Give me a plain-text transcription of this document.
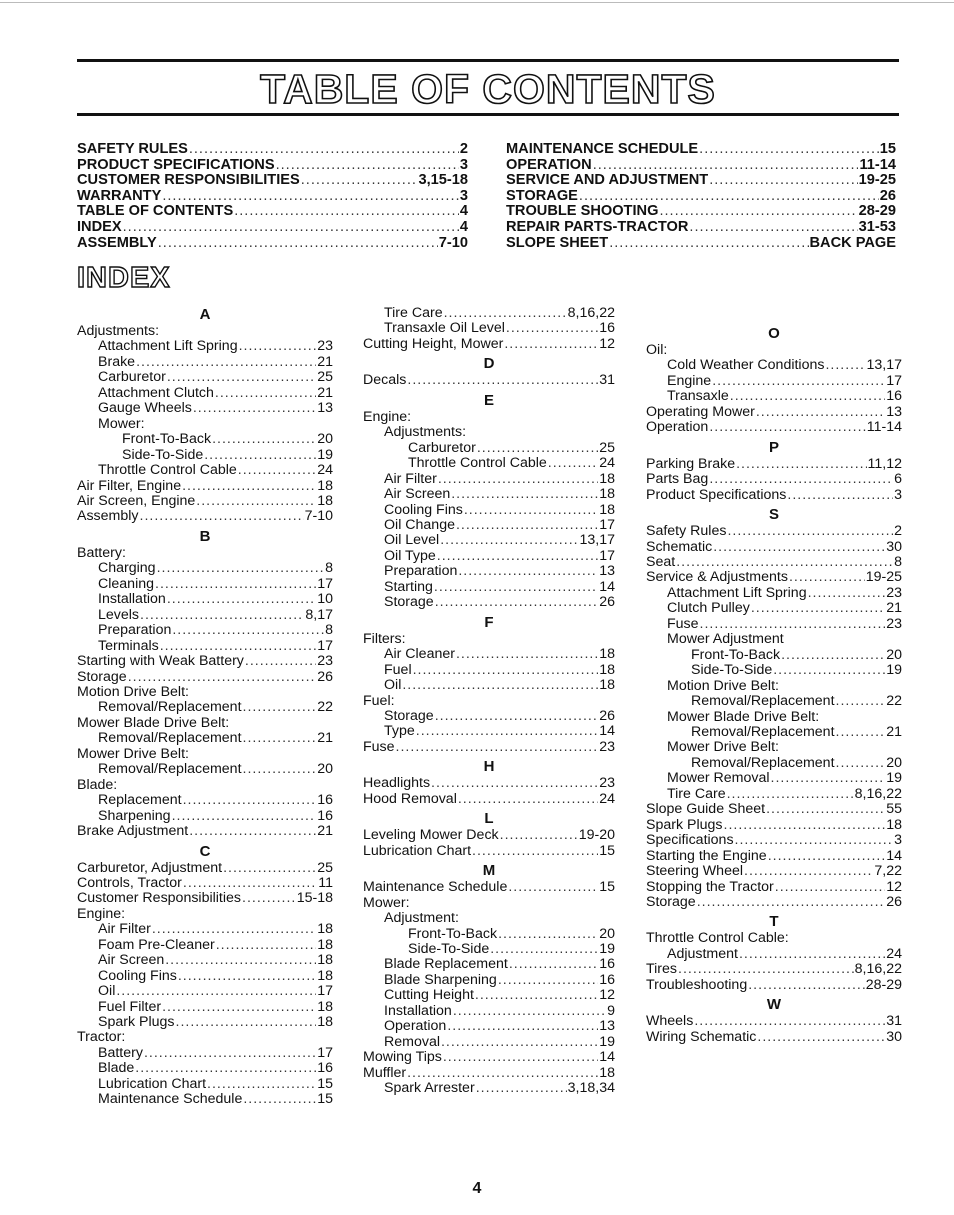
TABLE OF CONTENTS
SAFETY RULES .....	2
PRODUCT SPECIFICATIONS .....	3
CUSTOMER RESPONSIBILITIES .....	3,15-18
WARRANTY .....	3
TABLE OF CONTENTS .....	4
INDEX .....	4
ASSEMBLY .....	7-10
MAINTENANCE SCHEDULE .....	15
OPERATION .....	11-14
SERVICE AND ADJUSTMENT .....	19-25
STORAGE .....	26
TROUBLE SHOOTING .....	28-29
REPAIR PARTS-TRACTOR .....	31-53
SLOPE SHEET .....	BACK PAGE
INDEX
A
Adjustments:
Attachment Lift Spring .....	23
Brake .....	21
Carburetor .....	25
Attachment Clutch .....	21
Gauge Wheels .....	13
Mower:
Front-To-Back .....	20
Side-To-Side .....	19
Throttle Control Cable .....	24
Air Filter, Engine .....	18
Air Screen, Engine .....	18
Assembly .....	7-10
B
Battery:
Charging .....	8
Cleaning .....	17
Installation .....	10
Levels .....	8,17
Preparation .....	8
Terminals .....	17
Starting with Weak Battery .....	23
Storage .....	26
Motion Drive Belt:
Removal/Replacement .....	22
Mower Blade Drive Belt:
Removal/Replacement .....	21
Mower Drive Belt:
Removal/Replacement .....	20
Blade:
Replacement .....	16
Sharpening .....	16
Brake Adjustment .....	21
C
Carburetor, Adjustment .....	25
Controls, Tractor .....	11
Customer Responsibilities .....	15-18
Engine:
Air Filter .....	18
Foam Pre-Cleaner .....	18
Air Screen .....	18
Cooling Fins .....	18
Oil .....	17
Fuel Filter .....	18
Spark Plugs .....	18
Tractor:
Battery .....	17
Blade .....	16
Lubrication Chart .....	15
Maintenance Schedule .....	15
Tire Care .....	8,16,22
Transaxle Oil Level .....	16
Cutting Height, Mower .....	12
D
Decals .....	31
E
Engine:
Adjustments:
Carburetor .....	25
Throttle Control Cable .....	24
Air Filter .....	18
Air Screen .....	18
Cooling Fins .....	18
Oil Change .....	17
Oil Level .....	13,17
Oil Type .....	17
Preparation .....	13
Starting .....	14
Storage .....	26
F
Filters:
Air Cleaner .....	18
Fuel .....	18
Oil .....	18
Fuel:
Storage .....	26
Type .....	14
Fuse .....	23
H
Headlights .....	23
Hood Removal .....	24
L
Leveling Mower Deck .....	19-20
Lubrication Chart .....	15
M
Maintenance Schedule .....	15
Mower:
Adjustment:
Front-To-Back .....	20
Side-To-Side .....	19
Blade Replacement .....	16
Blade Sharpening .....	16
Cutting Height .....	12
Installation .....	9
Operation .....	13
Removal .....	19
Mowing Tips .....	14
Muffler .....	18
Spark Arrester .....	3,18,34
O
Oil:
Cold Weather Conditions .....	13,17
Engine .....	17
Transaxle .....	16
Operating Mower .....	13
Operation .....	11-14
P
Parking Brake .....	11,12
Parts Bag .....	6
Product Specifications .....	3
S
Safety Rules .....	2
Schematic .....	30
Seat .....	8
Service & Adjustments .....	19-25
Attachment Lift Spring .....	23
Clutch Pulley .....	21
Fuse .....	23
Mower Adjustment
Front-To-Back .....	20
Side-To-Side .....	19
Motion Drive Belt:
Removal/Replacement .....	22
Mower Blade Drive Belt:
Removal/Replacement .....	21
Mower Drive Belt:
Removal/Replacement .....	20
Mower Removal .....	19
Tire Care .....	8,16,22
Slope Guide Sheet .....	55
Spark Plugs .....	18
Specifications .....	3
Starting the Engine .....	14
Steering Wheel .....	7,22
Stopping the Tractor .....	12
Storage .....	26
T
Throttle Control Cable:
Adjustment .....	24
Tires .....	8,16,22
Troubleshooting .....	28-29
W
Wheels .....	31
Wiring Schematic .....	30
4
